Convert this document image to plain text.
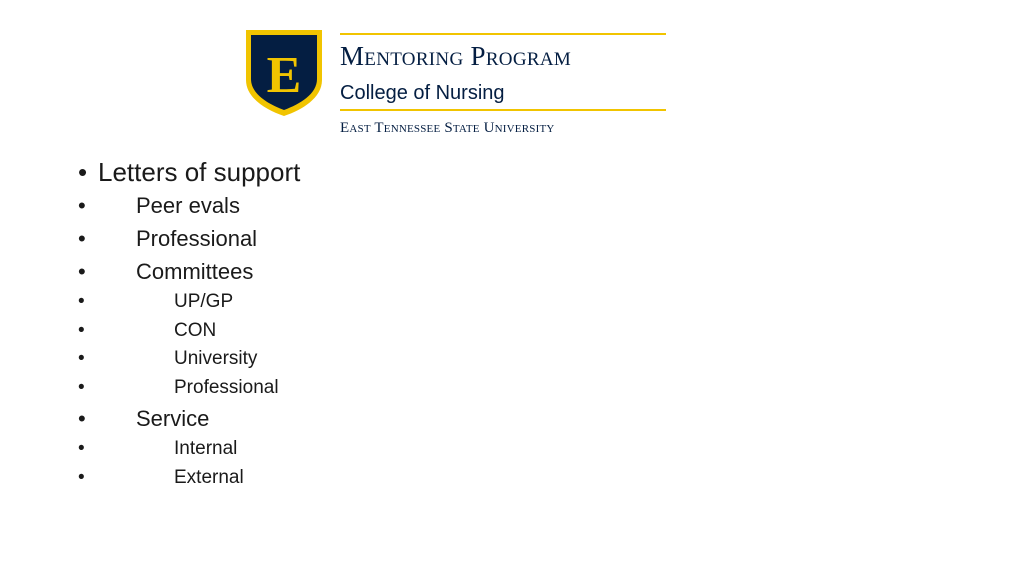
E Mentoring Program
College of Nursing
East Tennessee State University
• Letters of support
• Peer evals
• Professional
• Committees
•	UP/GP
•	CON
•	University
•	Professional
• Service
•	Internal
•	External
